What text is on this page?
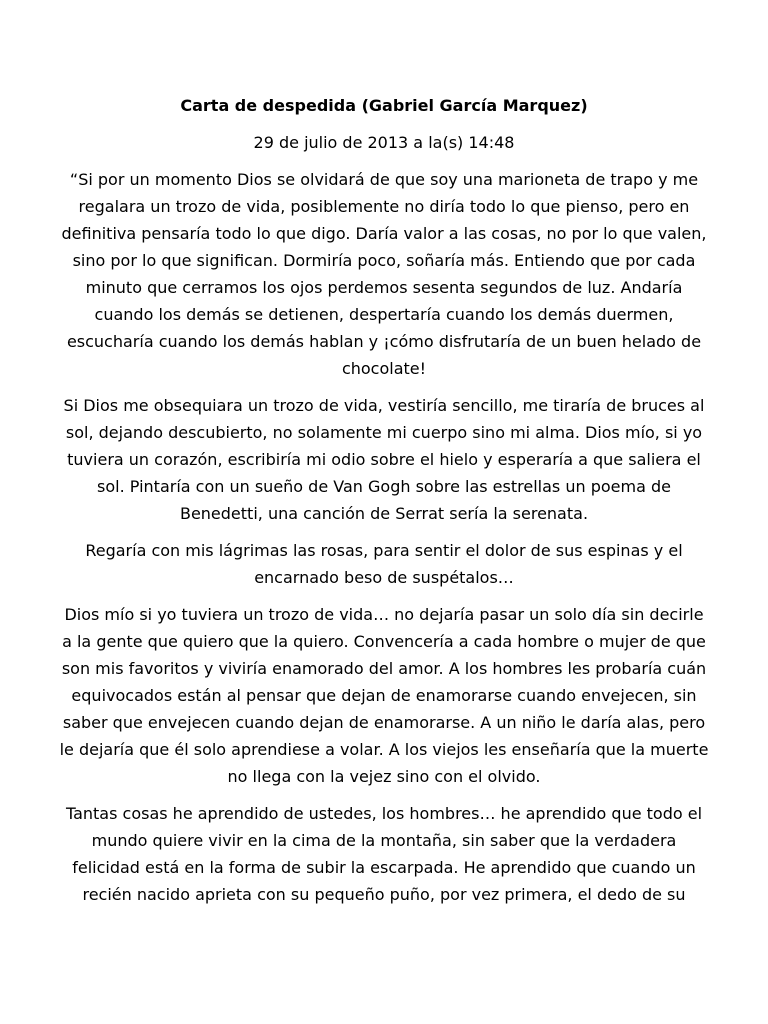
Carta de despedida (Gabriel García Marquez)

29 de julio de 2013 a la(s) 14:48

“Si por un momento Dios se olvidará de que soy una marioneta de trapo y me regalara un trozo de vida, posiblemente no diría todo lo que pienso, pero en definitiva pensaría todo lo que digo. Daría valor a las cosas, no por lo que valen, sino por lo que significan. Dormiría poco, soñaría más. Entiendo que por cada minuto que cerramos los ojos perdemos sesenta segundos de luz. Andaría cuando los demás se detienen, despertaría cuando los demás duermen, escucharía cuando los demás hablan y ¡cómo disfrutaría de un buen helado de chocolate!

Si Dios me obsequiara un trozo de vida, vestiría sencillo, me tiraría de bruces al sol, dejando descubierto, no solamente mi cuerpo sino mi alma. Dios mío, si yo tuviera un corazón, escribiría mi odio sobre el hielo y esperaría a que saliera el sol. Pintaría con un sueño de Van Gogh sobre las estrellas un poema de Benedetti, una canción de Serrat sería la serenata.

Regaría con mis lágrimas las rosas, para sentir el dolor de sus espinas y el encarnado beso de suspétalos…

Dios mío si yo tuviera un trozo de vida… no dejaría pasar un solo día sin decirle a la gente que quiero que la quiero. Convencería a cada hombre o mujer de que son mis favoritos y viviría enamorado del amor. A los hombres les probaría cuán equivocados están al pensar que dejan de enamorarse cuando envejecen, sin saber que envejecen cuando dejan de enamorarse. A un niño le daría alas, pero le dejaría que él solo aprendiese a volar. A los viejos les enseñaría que la muerte no llega con la vejez sino con el olvido.

Tantas cosas he aprendido de ustedes, los hombres… he aprendido que todo el mundo quiere vivir en la cima de la montaña, sin saber que la verdadera felicidad está en la forma de subir la escarpada. He aprendido que cuando un recién nacido aprieta con su pequeño puño, por vez primera, el dedo de su
